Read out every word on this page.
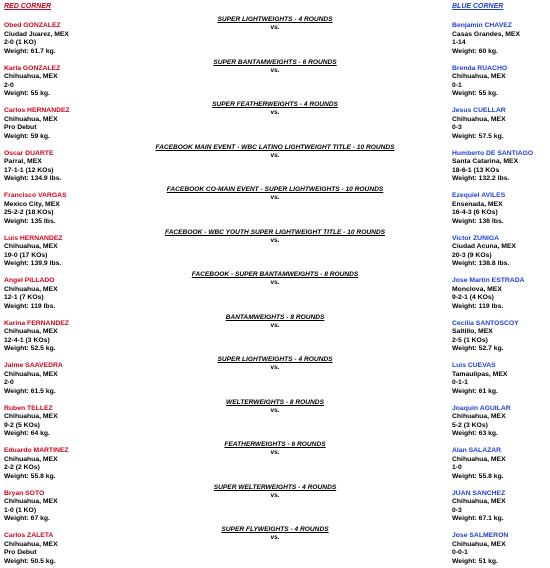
RED CORNER	BLUE CORNER
Obed GONZALEZ
Ciudad Juarez, MEX
2-0 (1 KO)
Weight: 61.7 kg.
SUPER LIGHTWEIGHTS - 4 ROUNDS
vs.	Benjamin CHAVEZ
Casas Grandes, MEX
1-14
Weight: 60 kg.
Karla GONZALEZ
Chihuahua, MEX
2-0
Weight: 55 kg.
SUPER BANTAMWEIGHTS - 6 ROUNDS
vs.	Brenda RUACHO
Chihuahua, MEX
0-1
Weight: 55 kg.
Carlos HERNANDEZ
Chihuahua, MEX
Pro Debut
Weight: 59 kg.
SUPER FEATHERWEIGHTS - 4 ROUNDS
vs.	Jesus CUELLAR
Chihuahua, MEX
0-3
Weight: 57.5 kg.
Oscar DUARTE
Parral, MEX
17-1-1 (12 KOs)
Weight: 134.9 lbs.
FACEBOOK MAIN EVENT - WBC LATINO LIGHTWEIGHT TITLE - 10 ROUNDS
vs.	Humberto DE SANTIAGO
Santa Catarina, MEX
18-6-1 (13 KOs
Weight: 132.2 lbs.
Francisco VARGAS
Mexico City, MEX
25-2-2 (18 KOs)
Weight: 135 lbs.
FACEBOOK CO-MAIN EVENT - SUPER LIGHTWEIGHTS - 10 ROUNDS
vs.	Ezequiel AVILES
Ensenada, MEX
16-4-3 (6 KOs)
Weight: 136 lbs.
Luis HERNANDEZ
Chihuahua, MEX
19-0 (17 KOs)
Weight: 139.9 lbs.
FACEBOOK - WBC YOUTH SUPER LIGHTWEIGHT TITLE - 10 ROUNDS
vs.	Victor ZUNIGA
Ciudad Acuna, MEX
20-3 (9 KOs)
Weight: 138.8 lbs.
Angel PILLADO
Chihuahua, MEX
12-1 (7 KOs)
Weight: 119 lbs.
FACEBOOK - SUPER BANTAMWEIGHTS - 8 ROUNDS
vs.	Jose Martin ESTRADA
Monclova, MEX
9-2-1 (4 KOs)
Weight: 119 lbs.
Karina FERNANDEZ
Chihuahua, MEX
12-4-1 (3 KOs)
Weight: 52.5 kg.
BANTAMWEIGHTS - 8 ROUNDS
vs.	Cecilia SANTOSCOY
Saltillo, MEX
2-5 (1 KOs)
Weight: 52.7 kg.
Jaime SAAVEDRA
Chihuahua, MEX
2-0
Weight: 61.5 kg.
SUPER LIGHTWEIGHTS - 4 ROUNDS
vs.	Luis CUEVAS
Tamaulipas, MEX
0-1-1
Weight: 61 kg.
Ruben TELLEZ
Chihuahua, MEX
9-2 (5 KOs)
Weight: 64 kg.
WELTERWEIGHTS - 8 ROUNDS
vs.	Joaquin AGUILAR
Chihuahua, MEX
5-2 (3 KOs)
Weight: 63 kg.
Eduardo MARTINEZ
Chihuahua, MEX
2-2 (2 KOs)
Weight: 55.8 kg.
FEATHERWEIGHTS - 6 ROUNDS
vs.	Alan SALAZAR
Chihuahua, MEX
1-0
Weight: 55.8 kg.
Bryan SOTO
Chihuahua, MEX
1-0 (1 KO)
Weight: 67 kg.
SUPER WELTERWEIGHTS - 4 ROUNDS
vs.	JUAN SANCHEZ
Chihuahua, MEX
0-3
Weight: 67.1 kg.
Carlos ZALETA
Chihuahua, MEX
Pro Debut
Weight: 50.5 kg.
SUPER FLYWEIGHTS - 4 ROUNDS
vs.	Jose SALMERON
Chihuahua, MEX
0-0-1
Weight: 51 kg.
